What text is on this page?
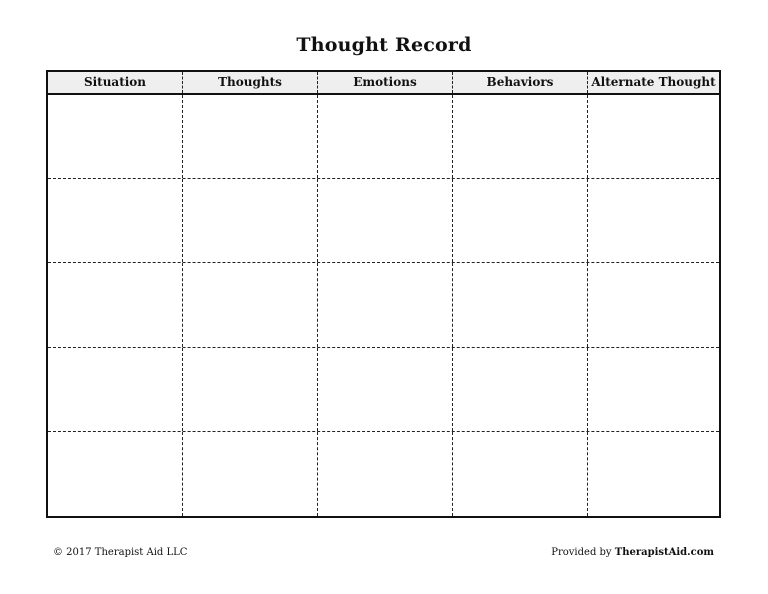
Thought Record
Situation	Thoughts	Emotions	Behaviors	Alternate Thought
© 2017 Therapist Aid LLC	Provided by TherapistAid.com
